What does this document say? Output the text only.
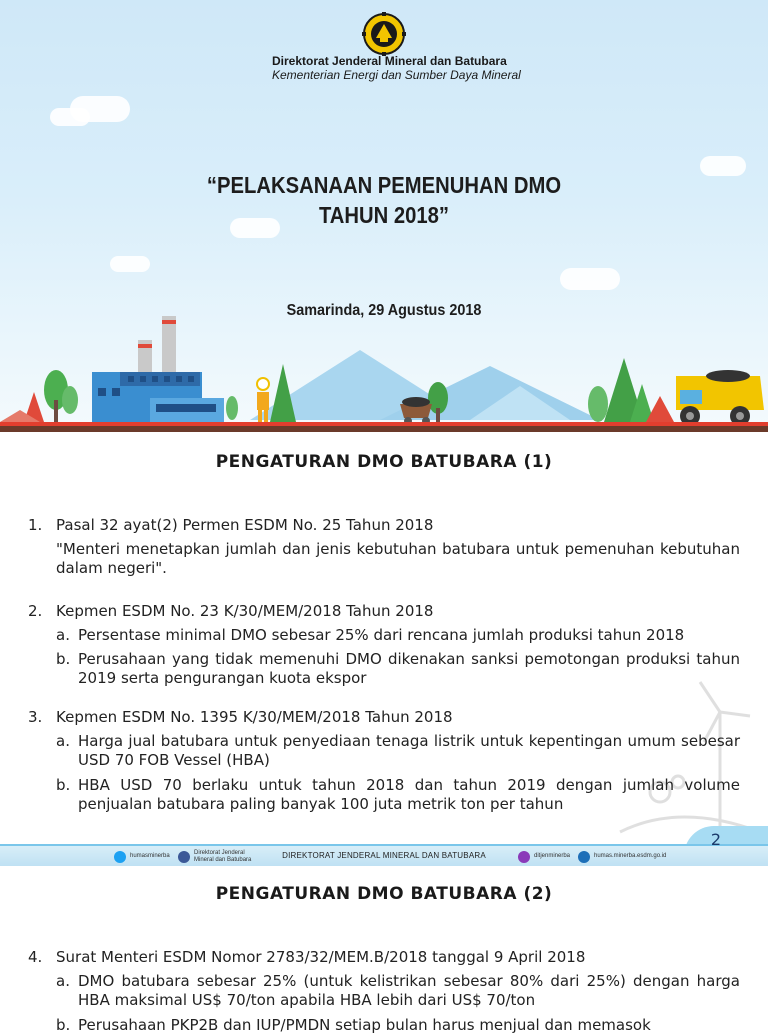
Direktorat Jenderal Mineral dan Batubara
Kementerian Energi dan Sumber Daya Mineral
“PELAKSANAAN PEMENUHAN DMO
TAHUN 2018”
Samarinda, 29 Agustus 2018
PENGATURAN DMO BATUBARA (1)
1. Pasal 32 ayat(2) Permen ESDM No. 25 Tahun 2018
"Menteri menetapkan jumlah dan jenis kebutuhan batubara untuk pemenuhan kebutuhan dalam negeri".
2. Kepmen ESDM No. 23 K/30/MEM/2018 Tahun 2018
a. Persentase minimal DMO sebesar 25% dari rencana jumlah produksi tahun 2018
b. Perusahaan yang tidak memenuhi DMO dikenakan sanksi pemotongan produksi tahun 2019 serta pengurangan kuota ekspor
3. Kepmen ESDM No. 1395 K/30/MEM/2018 Tahun 2018
a. Harga jual batubara untuk penyediaan tenaga listrik untuk kepentingan umum sebesar USD 70 FOB Vessel (HBA)
b. HBA USD 70 berlaku untuk tahun 2018 dan tahun 2019 dengan jumlah volume penjualan batubara paling banyak 100 juta metrik ton per tahun
2
humasminerba	Direktorat Jenderal
Mineral dan Batubara	DIREKTORAT JENDERAL MINERAL DAN BATUBARA	ditjenminerba	humas.minerba.esdm.go.id
PENGATURAN DMO BATUBARA (2)
4. Surat Menteri ESDM Nomor 2783/32/MEM.B/2018 tanggal 9 April 2018
a. DMO batubara sebesar 25% (untuk kelistrikan sebesar 80% dari 25%) dengan harga HBA maksimal US$ 70/ton apabila HBA lebih dari US$ 70/ton
b. Perusahaan PKP2B dan IUP/PMDN setiap bulan harus menjual dan memasok
